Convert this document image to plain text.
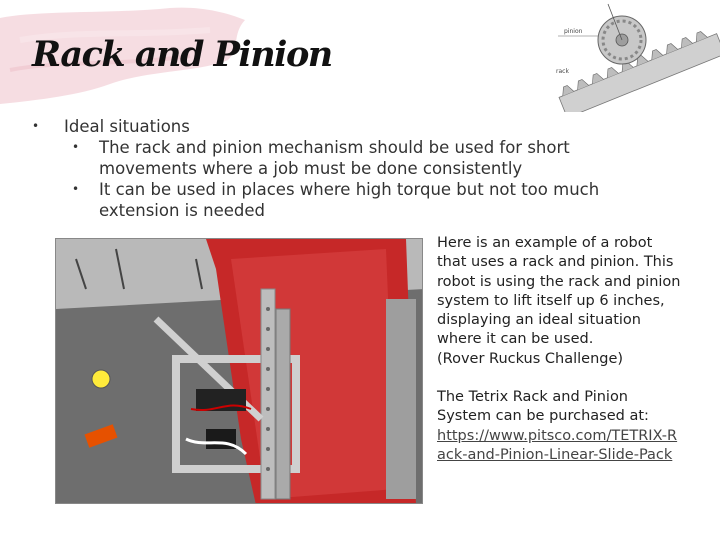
Rack and Pinion
pinion
rack
• Ideal situations
• The rack and pinion mechanism should be used for short movements where a job must be done consistently
• It can be used in places where high torque but not too much extension is needed

Here is an example of a robot that uses a rack and pinion. This robot is using the rack and pinion system to lift itself up 6 inches, displaying an ideal situation where it can be used.

(Rover Ruckus Challenge)

The Tetrix Rack and Pinion System can be purchased at:

https://www.pitsco.com/TETRIX-Rack-and-Pinion-Linear-Slide-Pack
